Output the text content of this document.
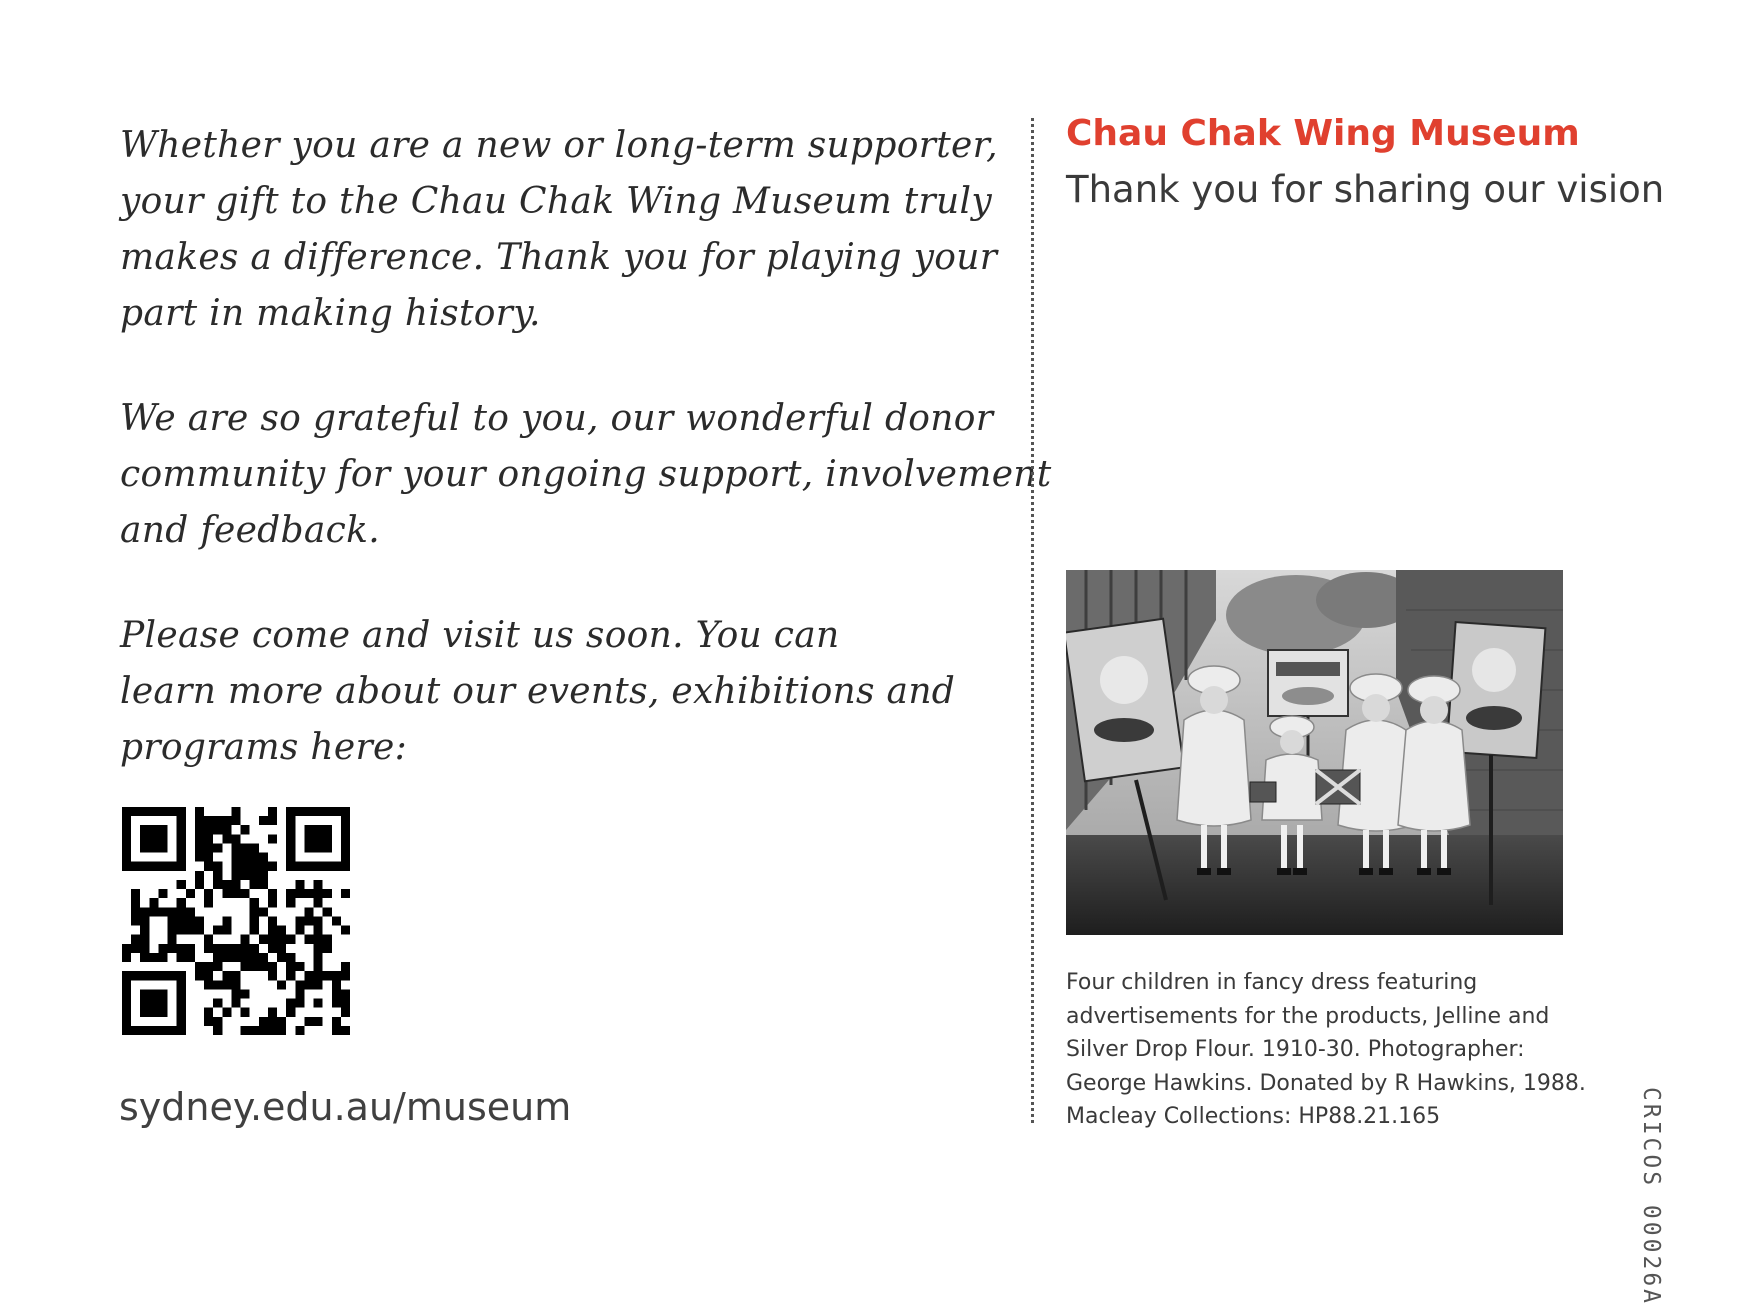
Whether you are a new or long-term supporter,
your gift to the Chau Chak Wing Museum truly
makes a difference. Thank you for playing your
part in making history.
We are so grateful to you, our wonderful donor
community for your ongoing support, involvement
and feedback.
Please come and visit us soon. You can
learn more about our events, exhibitions and
programs here:
sydney.edu.au/museum
Chau Chak Wing Museum
Thank you for sharing our vision
Four children in fancy dress featuring
advertisements for the products, Jelline and
Silver Drop Flour. 1910-30. Photographer:
George Hawkins. Donated by R Hawkins, 1988.
Macleay Collections: HP88.21.165	CRICOS 00026A
